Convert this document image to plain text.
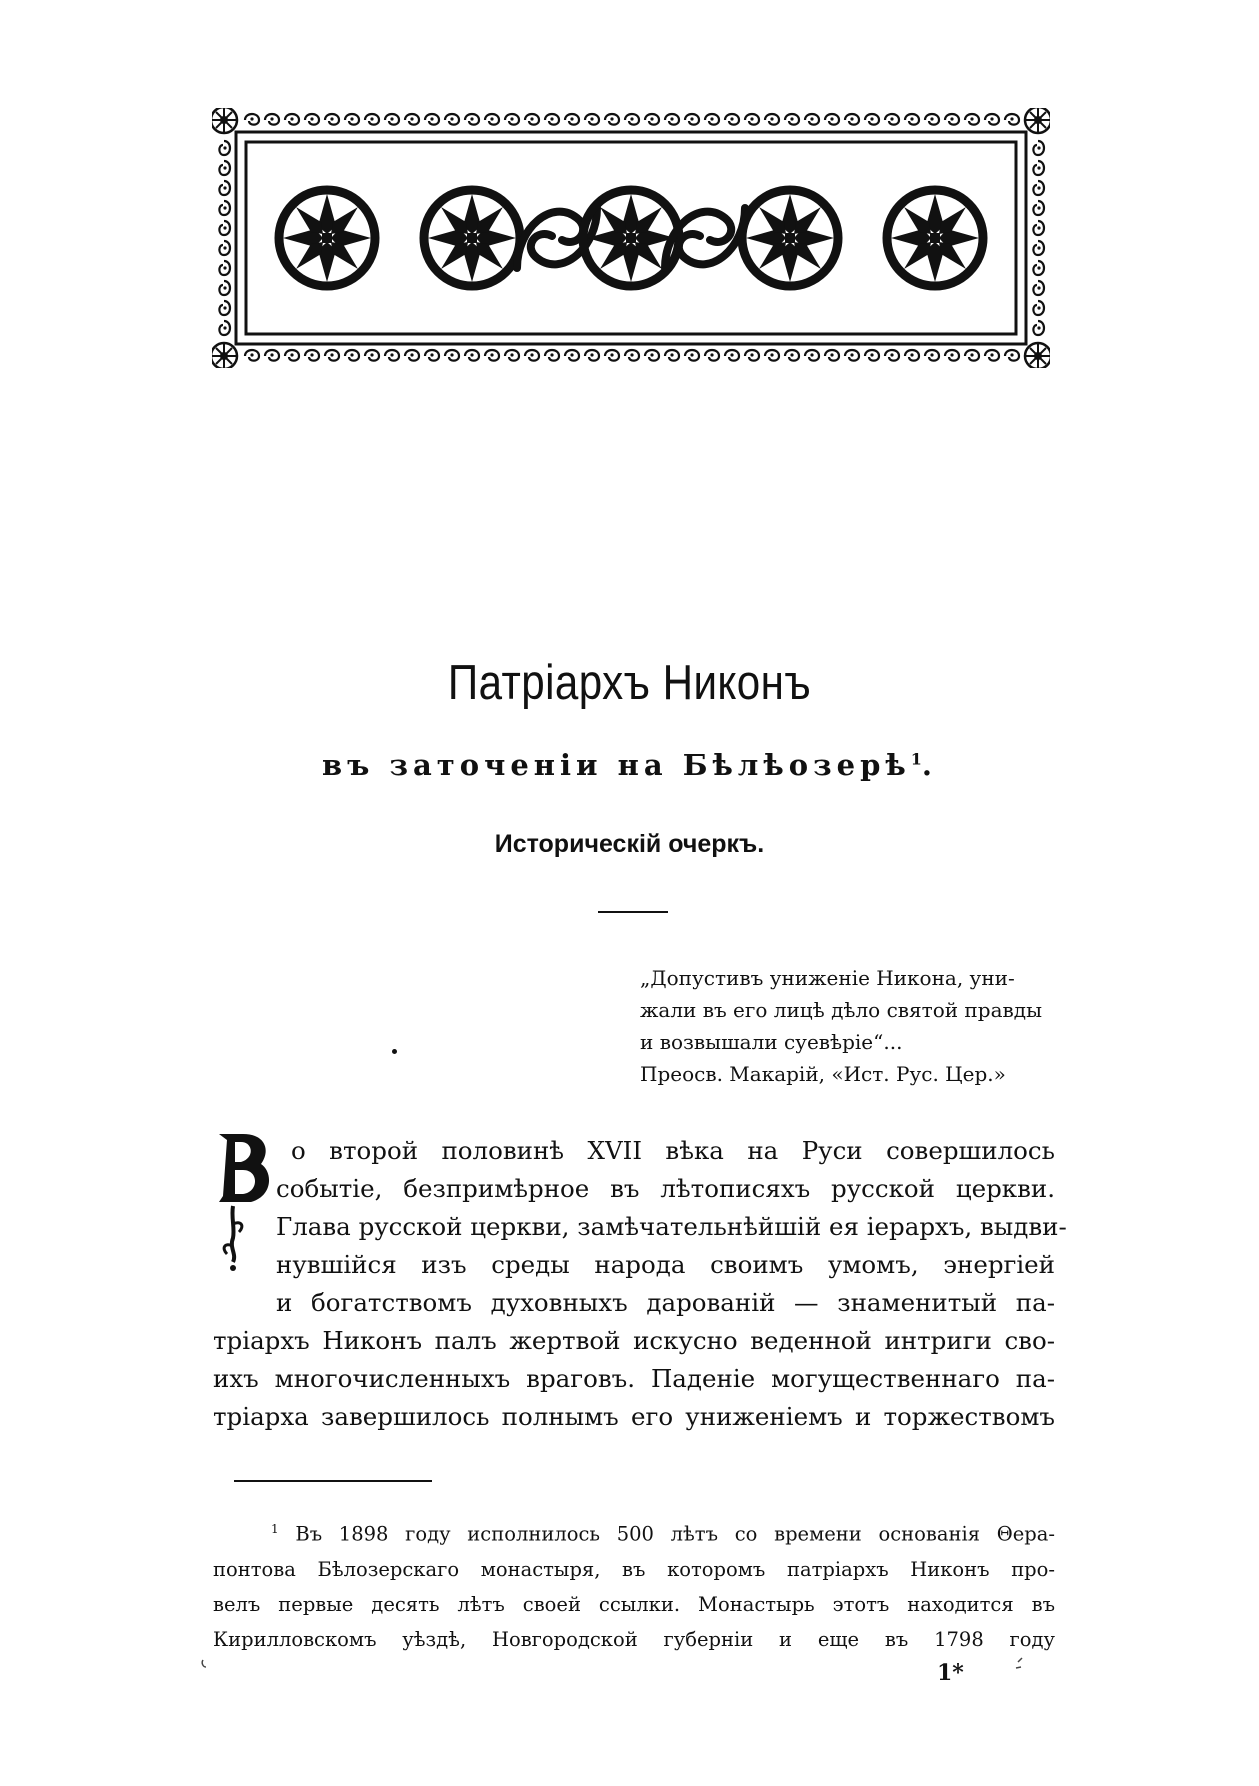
Патріархъ Никонъ
въ заточеніи на Бѣлѣозерѣ$^1$.
Историческій очеркъ.
„Допустивъ униженіе Никона, уни-
жали въ его лицѣ дѣло святой правды
и возвышали суевѣріе“...
Преосв. Макарій, «Ист. Рус. Цер.»
о второй половинѣ XVII вѣка на Руси совершилось
событіе, безпримѣрное въ лѣтописяхъ русской церкви.
Глава русской церкви, замѣчательнѣйшій ея іерархъ, выдви-
нувшійся изъ среды народа своимъ умомъ, энергіей
и богатствомъ духовныхъ дарованій — знаменитый па-
тріархъ Никонъ палъ жертвой искусно веденной интриги сво-
ихъ многочисленныхъ враговъ. Паденіе могущественнаго па-
тріарха завершилось полнымъ его униженіемъ и торжествомъ
$^1$ Въ 1898 году исполнилось 500 лѣтъ со времени основанія Θера-
понтова Бѣлозерскаго монастыря, въ которомъ патріархъ Никонъ про-
велъ первые десять лѣтъ своей ссылки. Монастырь этотъ находится въ
Кирилловскомъ уѣздѣ, Новгородской губерніи и еще въ 1798 году
1*
